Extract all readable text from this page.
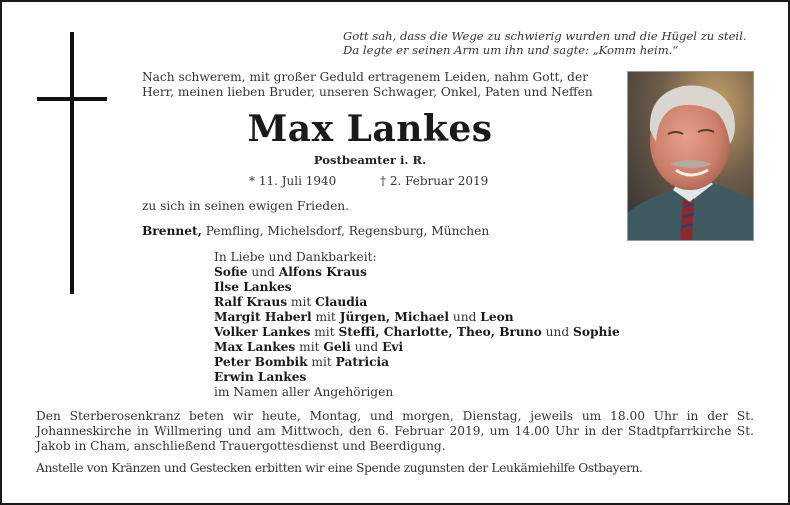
Gott sah, dass die Wege zu schwierig wurden und die Hügel zu steil.
Da legte er seinen Arm um ihn und sagte: „Komm heim.“
Nach schwerem, mit großer Geduld ertragenem Leiden, nahm Gott, der
Herr, meinen lieben Bruder, unseren Schwager, Onkel, Paten und Neffen
Max Lankes
Postbeamter i. R.
* 11. Juli 1940	† 2. Februar 2019
zu sich in seinen ewigen Frieden.
Brennet, Pemfling, Michelsdorf, Regensburg, München
In Liebe und Dankbarkeit:
Sofie und Alfons Kraus
Ilse Lankes
Ralf Kraus mit Claudia
Margit Haberl mit Jürgen, Michael und Leon
Volker Lankes mit Steffi, Charlotte, Theo, Bruno und Sophie
Max Lankes mit Geli und Evi
Peter Bombik mit Patricia
Erwin Lankes
im Namen aller Angehörigen

Den Sterberosenkranz beten wir heute, Montag, und morgen, Dienstag, jeweils um 18.00 Uhr in der St. Johanneskirche in Willmering und am Mittwoch, den 6. Februar 2019, um 14.00 Uhr in der Stadtpfarrkirche St. Jakob in Cham, anschließend Trauergottesdienst und Beerdigung.

Anstelle von Kränzen und Gestecken erbitten wir eine Spende zugunsten der Leukämiehilfe Ostbayern.
